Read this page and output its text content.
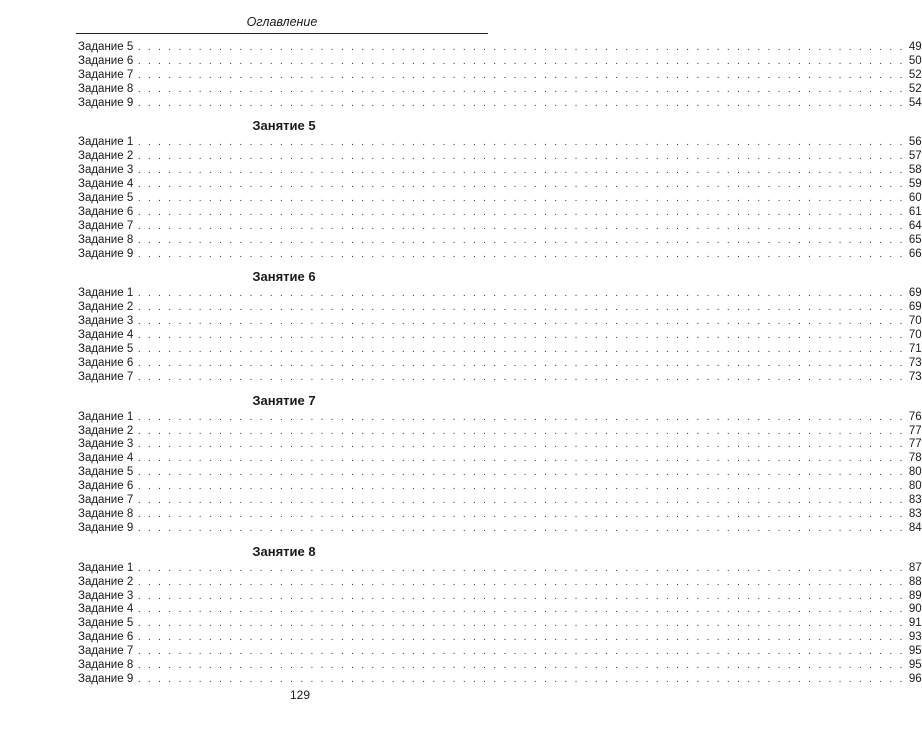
Оглавление
Задание 5 . . . . . . . . . . . . . . . . . . . . . . . . . . . . . . . . . . . . . . . . . . . . . . . . . . . . . . . . . . . . . . . . . . . . . . . . . . . . 49
Задание 6 . . . . . . . . . . . . . . . . . . . . . . . . . . . . . . . . . . . . . . . . . . . . . . . . . . . . . . . . . . . . . . . . . . . . . . . . . . . . 50
Задание 7 . . . . . . . . . . . . . . . . . . . . . . . . . . . . . . . . . . . . . . . . . . . . . . . . . . . . . . . . . . . . . . . . . . . . . . . . . . . . 52
Задание 8 . . . . . . . . . . . . . . . . . . . . . . . . . . . . . . . . . . . . . . . . . . . . . . . . . . . . . . . . . . . . . . . . . . . . . . . . . . . . 52
Задание 9 . . . . . . . . . . . . . . . . . . . . . . . . . . . . . . . . . . . . . . . . . . . . . . . . . . . . . . . . . . . . . . . . . . . . . . . . . . . . 54
Занятие 5
Задание 1 . . . . . . . . . . . . . . . . . . . . . . . . . . . . . . . . . . . . . . . . . . . . . . . . . . . . . . . . . . . . . . . . . . . . . . . . . . . . 56
Задание 2 . . . . . . . . . . . . . . . . . . . . . . . . . . . . . . . . . . . . . . . . . . . . . . . . . . . . . . . . . . . . . . . . . . . . . . . . . . . . 57
Задание 3 . . . . . . . . . . . . . . . . . . . . . . . . . . . . . . . . . . . . . . . . . . . . . . . . . . . . . . . . . . . . . . . . . . . . . . . . . . . . 58
Задание 4 . . . . . . . . . . . . . . . . . . . . . . . . . . . . . . . . . . . . . . . . . . . . . . . . . . . . . . . . . . . . . . . . . . . . . . . . . . . . 59
Задание 5 . . . . . . . . . . . . . . . . . . . . . . . . . . . . . . . . . . . . . . . . . . . . . . . . . . . . . . . . . . . . . . . . . . . . . . . . . . . . 60
Задание 6 . . . . . . . . . . . . . . . . . . . . . . . . . . . . . . . . . . . . . . . . . . . . . . . . . . . . . . . . . . . . . . . . . . . . . . . . . . . . 61
Задание 7 . . . . . . . . . . . . . . . . . . . . . . . . . . . . . . . . . . . . . . . . . . . . . . . . . . . . . . . . . . . . . . . . . . . . . . . . . . . . 64
Задание 8 . . . . . . . . . . . . . . . . . . . . . . . . . . . . . . . . . . . . . . . . . . . . . . . . . . . . . . . . . . . . . . . . . . . . . . . . . . . . 65
Задание 9 . . . . . . . . . . . . . . . . . . . . . . . . . . . . . . . . . . . . . . . . . . . . . . . . . . . . . . . . . . . . . . . . . . . . . . . . . . . . 66
Занятие 6
Задание 1 . . . . . . . . . . . . . . . . . . . . . . . . . . . . . . . . . . . . . . . . . . . . . . . . . . . . . . . . . . . . . . . . . . . . . . . . . . . . 69
Задание 2 . . . . . . . . . . . . . . . . . . . . . . . . . . . . . . . . . . . . . . . . . . . . . . . . . . . . . . . . . . . . . . . . . . . . . . . . . . . . 69
Задание 3 . . . . . . . . . . . . . . . . . . . . . . . . . . . . . . . . . . . . . . . . . . . . . . . . . . . . . . . . . . . . . . . . . . . . . . . . . . . . 70
Задание 4 . . . . . . . . . . . . . . . . . . . . . . . . . . . . . . . . . . . . . . . . . . . . . . . . . . . . . . . . . . . . . . . . . . . . . . . . . . . . 70
Задание 5 . . . . . . . . . . . . . . . . . . . . . . . . . . . . . . . . . . . . . . . . . . . . . . . . . . . . . . . . . . . . . . . . . . . . . . . . . . . . 71
Задание 6 . . . . . . . . . . . . . . . . . . . . . . . . . . . . . . . . . . . . . . . . . . . . . . . . . . . . . . . . . . . . . . . . . . . . . . . . . . . . 73
Задание 7 . . . . . . . . . . . . . . . . . . . . . . . . . . . . . . . . . . . . . . . . . . . . . . . . . . . . . . . . . . . . . . . . . . . . . . . . . . . . 73
Занятие 7
Задание 1 . . . . . . . . . . . . . . . . . . . . . . . . . . . . . . . . . . . . . . . . . . . . . . . . . . . . . . . . . . . . . . . . . . . . . . . . . . . . 76
Задание 2 . . . . . . . . . . . . . . . . . . . . . . . . . . . . . . . . . . . . . . . . . . . . . . . . . . . . . . . . . . . . . . . . . . . . . . . . . . . . 77
Задание 3 . . . . . . . . . . . . . . . . . . . . . . . . . . . . . . . . . . . . . . . . . . . . . . . . . . . . . . . . . . . . . . . . . . . . . . . . . . . . 77
Задание 4 . . . . . . . . . . . . . . . . . . . . . . . . . . . . . . . . . . . . . . . . . . . . . . . . . . . . . . . . . . . . . . . . . . . . . . . . . . . . 78
Задание 5 . . . . . . . . . . . . . . . . . . . . . . . . . . . . . . . . . . . . . . . . . . . . . . . . . . . . . . . . . . . . . . . . . . . . . . . . . . . . 80
Задание 6 . . . . . . . . . . . . . . . . . . . . . . . . . . . . . . . . . . . . . . . . . . . . . . . . . . . . . . . . . . . . . . . . . . . . . . . . . . . . 80
Задание 7 . . . . . . . . . . . . . . . . . . . . . . . . . . . . . . . . . . . . . . . . . . . . . . . . . . . . . . . . . . . . . . . . . . . . . . . . . . . . 83
Задание 8 . . . . . . . . . . . . . . . . . . . . . . . . . . . . . . . . . . . . . . . . . . . . . . . . . . . . . . . . . . . . . . . . . . . . . . . . . . . . 83
Задание 9 . . . . . . . . . . . . . . . . . . . . . . . . . . . . . . . . . . . . . . . . . . . . . . . . . . . . . . . . . . . . . . . . . . . . . . . . . . . . 84
Занятие 8
Задание 1 . . . . . . . . . . . . . . . . . . . . . . . . . . . . . . . . . . . . . . . . . . . . . . . . . . . . . . . . . . . . . . . . . . . . . . . . . . . . 87
Задание 2 . . . . . . . . . . . . . . . . . . . . . . . . . . . . . . . . . . . . . . . . . . . . . . . . . . . . . . . . . . . . . . . . . . . . . . . . . . . . 88
Задание 3 . . . . . . . . . . . . . . . . . . . . . . . . . . . . . . . . . . . . . . . . . . . . . . . . . . . . . . . . . . . . . . . . . . . . . . . . . . . . 89
Задание 4 . . . . . . . . . . . . . . . . . . . . . . . . . . . . . . . . . . . . . . . . . . . . . . . . . . . . . . . . . . . . . . . . . . . . . . . . . . . . 90
Задание 5 . . . . . . . . . . . . . . . . . . . . . . . . . . . . . . . . . . . . . . . . . . . . . . . . . . . . . . . . . . . . . . . . . . . . . . . . . . . . 91
Задание 6 . . . . . . . . . . . . . . . . . . . . . . . . . . . . . . . . . . . . . . . . . . . . . . . . . . . . . . . . . . . . . . . . . . . . . . . . . . . . 93
Задание 7 . . . . . . . . . . . . . . . . . . . . . . . . . . . . . . . . . . . . . . . . . . . . . . . . . . . . . . . . . . . . . . . . . . . . . . . . . . . . 95
Задание 8 . . . . . . . . . . . . . . . . . . . . . . . . . . . . . . . . . . . . . . . . . . . . . . . . . . . . . . . . . . . . . . . . . . . . . . . . . . . . 95
Задание 9 . . . . . . . . . . . . . . . . . . . . . . . . . . . . . . . . . . . . . . . . . . . . . . . . . . . . . . . . . . . . . . . . . . . . . . . . . . . . 96
129
